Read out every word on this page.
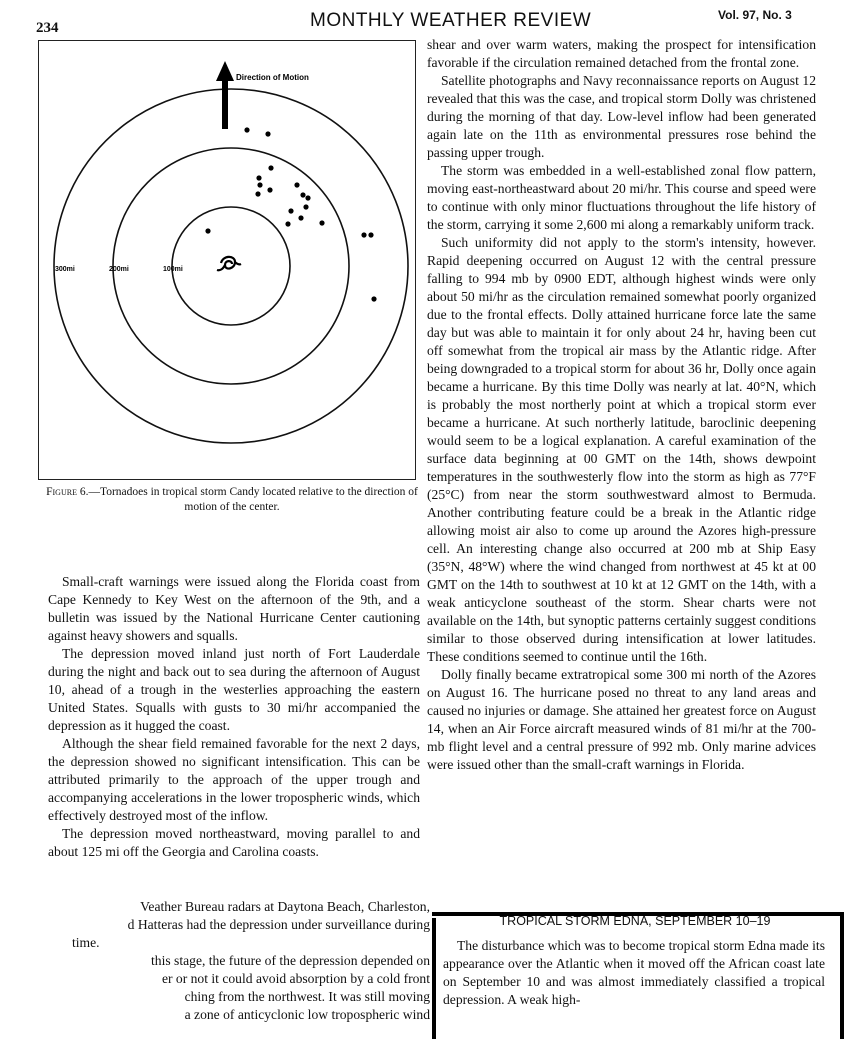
234	MONTHLY WEATHER REVIEW	Vol. 97, No. 3
Direction of Motion
300mi	200mi	100mi
Figure 6.—Tornadoes in tropical storm Candy located relative to the direction of motion of the center.

Small-craft warnings were issued along the Florida coast from Cape Kennedy to Key West on the afternoon of the 9th, and a bulletin was issued by the National Hurricane Center cautioning against heavy showers and squalls.

The depression moved inland just north of Fort Lauderdale during the night and back out to sea during the afternoon of August 10, ahead of a trough in the westerlies approaching the eastern United States. Squalls with gusts to 30 mi/hr accompanied the depression as it hugged the coast.

Although the shear field remained favorable for the next 2 days, the depression showed no significant intensification. This can be attributed primarily to the approach of the upper trough and accompanying accelerations in the lower tropospheric winds, which effectively destroyed most of the inflow.

The depression moved northeastward, moving parallel to and about 125 mi off the Georgia and Carolina coasts.

Veather Bureau radars at Daytona Beach, Charleston,
d Hatteras had the depression under surveillance during
time.
this stage, the future of the depression depended on
er or not it could avoid absorption by a cold front
ching from the northwest. It was still moving
a zone of anticyclonic low tropospheric wind

shear and over warm waters, making the prospect for intensification favorable if the circulation remained detached from the frontal zone.

Satellite photographs and Navy reconnaissance reports on August 12 revealed that this was the case, and tropical storm Dolly was christened during the morning of that day. Low-level inflow had been generated again late on the 11th as environmental pressures rose behind the passing upper trough.

The storm was embedded in a well-established zonal flow pattern, moving east-northeastward about 20 mi/hr. This course and speed were to continue with only minor fluctuations throughout the life history of the storm, carrying it some 2,600 mi along a remarkably uniform track.

Such uniformity did not apply to the storm's intensity, however. Rapid deepening occurred on August 12 with the central pressure falling to 994 mb by 0900 EDT, although highest winds were only about 50 mi/hr as the circulation remained somewhat poorly organized due to the frontal effects. Dolly attained hurricane force late the same day but was able to maintain it for only about 24 hr, having been cut off somewhat from the tropical air mass by the Atlantic ridge. After being downgraded to a tropical storm for about 36 hr, Dolly once again became a hurricane. By this time Dolly was nearly at lat. 40°N, which is probably the most northerly point at which a tropical storm ever became a hurricane. At such northerly latitude, baroclinic deepening would seem to be a logical explanation. A careful examination of the surface data beginning at 00 GMT on the 14th, shows dewpoint temperatures in the southwesterly flow into the storm as high as 77°F (25°C) from near the storm southwestward almost to Bermuda. Another contributing feature could be a break in the Atlantic ridge allowing moist air also to come up around the Azores high-pressure cell. An interesting change also occurred at 200 mb at Ship Easy (35°N, 48°W) where the wind changed from northwest at 45 kt at 00 GMT on the 14th to southwest at 10 kt at 12 GMT on the 14th, with a weak anticyclone southeast of the storm. Shear charts were not available on the 14th, but synoptic patterns certainly suggest conditions similar to those observed during intensification at lower latitudes. These conditions seemed to continue until the 16th.

Dolly finally became extratropical some 300 mi north of the Azores on August 16. The hurricane posed no threat to any land areas and caused no injuries or damage. She attained her greatest force on August 14, when an Air Force aircraft measured winds of 81 mi/hr at the 700-mb flight level and a central pressure of 992 mb. Only marine advices were issued other than the small-craft warnings in Florida.

TROPICAL STORM EDNA, SEPTEMBER 10–19

The disturbance which was to become tropical storm Edna made its appearance over the Atlantic when it moved off the African coast late on September 10 and was almost immediately classified a tropical depression. A weak high-
